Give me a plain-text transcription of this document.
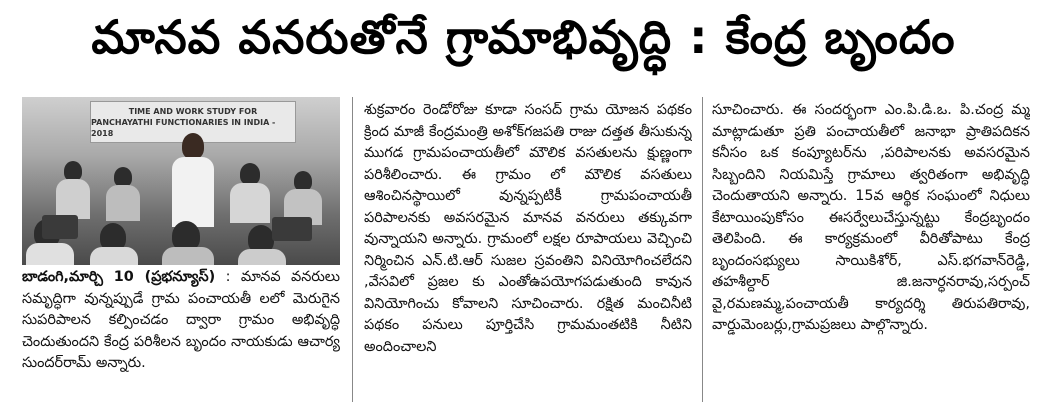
మానవ వనరుతోనే గ్రామాభివృద్ధి : కేంద్ర బృందం
TIME AND WORK STUDY FOR
PANCHAYATHI FUNCTIONARIES IN INDIA - 2018

బాడంగి,మార్చి 10 (ప్రభన్యూస్) : మానవ వనరులు సమృద్ధిగా వున్నప్పుడే గ్రామ పంచాయతీ లలో మెరుగైన సుపరిపాలన కల్పించడం ద్వారా గ్రామం అభివృద్ధి చెందుతుందని కేంద్ర పరిశీలన బృందం నాయకుడు ఆచార్య సుందర్‌రామ్ అన్నారు.

శుక్రవారం రెండోరోజు కూడా సంసద్ గ్రామ యోజన పథకం క్రింద మాజీ కేంద్రమంత్రి అశోక్‌గజపతి రాజు దత్తత తీసుకున్న ముగడ గ్రామపంచాయతీలో మౌలిక వసతులను క్షుణ్ణంగా పరిశీలించారు. ఈ గ్రామం లో మౌలిక వసతులు ఆశించినస్థాయిలో వున్నప్పటికీ గ్రామపంచాయతీ పరిపాలనకు అవసరమైన మానవ వనరులు తక్కువగా వున్నాయని అన్నారు. గ్రామంలో లక్షల రూపాయలు వెచ్చించి నిర్మించిన ఎన్.టి.ఆర్ సుజల స్రవంతిని వినియోగించలేదని ,వేసవిలో ప్రజల కు ఎంతోఉపయోగపడుతుంది కావున వినియోగించు కోవాలని సూచించారు. రక్షిత మంచినీటి పథకం పనులు పూర్తిచేసి గ్రామమంతటికి నీటిని అందించాలని

సూచించారు. ఈ సందర్భంగా ఎం.పి.డి.ఒ. పి.చంద్ర మ్మ మాట్లాడుతూ ప్రతి పంచాయతీలో జనాభా ప్రాతిపదికన కనీసం ఒక కంప్యూటర్‌ను ,పరిపాలనకు అవసరమైన సిబ్బందిని నియమిస్తే గ్రామాలు త్వరితంగా అభివృద్ధి చెందుతాయని అన్నారు. 15వ ఆర్థిక సంఘంలో నిధులు కేటాయింపుకోసం ఈసర్వేలుచేస్తున్నట్టు కేంద్రబృందం తెలిపింది. ఈ కార్యక్రమంలో వీరితోపాటు కేంద్ర బృందంసభ్యులు సాయికిశోర్, ఎస్.భగవాన్‌రెడ్డి, తహశీల్దార్ జి.జనార్ధనరావు,సర్పంచ్ వై,రమణమ్మ,పంచాయతీ కార్యదర్శి తిరుపతిరావు, వార్డుమెంబర్లు,గ్రామప్రజలు పాల్గొన్నారు.
